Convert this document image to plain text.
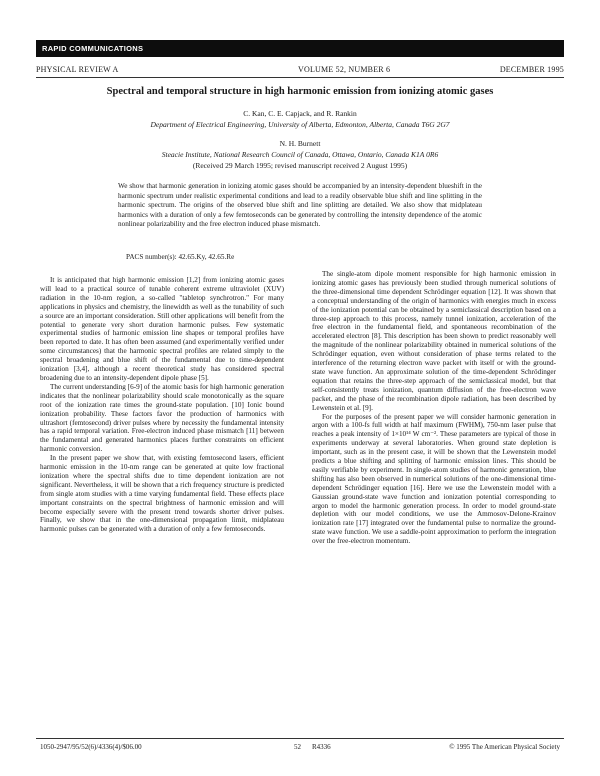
RAPID COMMUNICATIONS
PHYSICAL REVIEW A	VOLUME 52, NUMBER 6	DECEMBER 1995
Spectral and temporal structure in high harmonic emission from ionizing atomic gases
C. Kan, C. E. Capjack, and R. Rankin
Department of Electrical Engineering, University of Alberta, Edmonton, Alberta, Canada T6G 2G7
N. H. Burnett
Steacie Institute, National Research Council of Canada, Ottawa, Ontario, Canada K1A 0R6
(Received 29 March 1995; revised manuscript received 2 August 1995)
We show that harmonic generation in ionizing atomic gases should be accompanied by an intensity-dependent blueshift in the harmonic spectrum under realistic experimental conditions and lead to a readily observable blue shift and line splitting in the harmonic spectrum. The origins of the observed blue shift and line splitting are detailed. We also show that midplateau harmonics with a duration of only a few femtoseconds can be generated by controlling the intensity dependence of the atomic nonlinear polarizability and the free electron induced phase mismatch.
PACS number(s): 42.65.Ky, 42.65.Re

It is anticipated that high harmonic emission [1,2] from ionizing atomic gases will lead to a practical source of tunable coherent extreme ultraviolet (XUV) radiation in the 10-nm region, a so-called "tabletop synchrotron." For many applications in physics and chemistry, the linewidth as well as the tunability of such a source are an important consideration. Still other applications will benefit from the potential to generate very short duration harmonic pulses. Few systematic experimental studies of harmonic emission line shapes or temporal profiles have been reported to date. It has often been assumed (and experimentally verified under some circumstances) that the harmonic spectral profiles are related simply to the spectral broadening and blue shift of the fundamental due to time-dependent ionization [3,4], although a recent theoretical study has considered spectral broadening due to an intensity-dependent dipole phase [5].

The current understanding [6-9] of the atomic basis for high harmonic generation indicates that the nonlinear polarizability should scale monotonically as the square root of the ionization rate times the ground-state population. [10] Ionic bound ionization probability. These factors favor the production of harmonics with ultrashort (femtosecond) driver pulses where by necessity the fundamental intensity has a rapid temporal variation. Free-electron induced phase mismatch [11] between the fundamental and generated harmonics places further constraints on efficient harmonic conversion.

In the present paper we show that, with existing femtosecond lasers, efficient harmonic emission in the 10-nm range can be generated at quite low fractional ionization where the spectral shifts due to time dependent ionization are not significant. Nevertheless, it will be shown that a rich frequency structure is predicted from single atom studies with a time varying fundamental field. These effects place important constraints on the spectral brightness of harmonic emission and will become especially severe with the present trend towards shorter driver pulses. Finally, we show that in the one-dimensional propagation limit, midplateau harmonic pulses can be generated with a duration of only a few femtoseconds.

The single-atom dipole moment responsible for high harmonic emission in ionizing atomic gases has previously been studied through numerical solutions of the three-dimensional time dependent Schrödinger equation [12]. It was shown that a conceptual understanding of the origin of harmonics with energies much in excess of the ionization potential can be obtained by a semiclassical description based on a three-step approach to this process, namely tunnel ionization, acceleration of the free electron in the fundamental field, and spontaneous recombination of the accelerated electron [8]. This description has been shown to predict reasonably well the magnitude of the nonlinear polarizability obtained in numerical solutions of the Schrödinger equation, even without consideration of phase terms related to the interference of the returning electron wave packet with itself or with the ground-state wave function. An approximate solution of the time-dependent Schrödinger equation that retains the three-step approach of the semiclassical model, but that self-consistently treats ionization, quantum diffusion of the free-electron wave packet, and the phase of the recombination dipole radiation, has been described by Lewenstein et al. [9].

For the purposes of the present paper we will consider harmonic generation in argon with a 100-fs full width at half maximum (FWHM), 750-nm laser pulse that reaches a peak intensity of 1×10¹⁴ W cm⁻². These parameters are typical of those in experiments underway at several laboratories. When ground state depletion is important, such as in the present case, it will be shown that the Lewenstein model predicts a blue shifting and splitting of harmonic emission lines. This should be easily verifiable by experiment. In single-atom studies of harmonic generation, blue shifting has also been observed in numerical solutions of the one-dimensional time-dependent Schrödinger equation [16]. Here we use the Lewenstein model with a Gaussian ground-state wave function and ionization potential corresponding to argon to model the harmonic generation process. In order to model ground-state depletion with our model conditions, we use the Ammosov-Delone-Krainov ionization rate [17] integrated over the fundamental pulse to normalize the ground-state wave function. We use a saddle-point approximation to perform the integration over the free-electron momentum.

1050-2947/95/52(6)/4336(4)/$06.00	52 R4336	© 1995 The American Physical Society
